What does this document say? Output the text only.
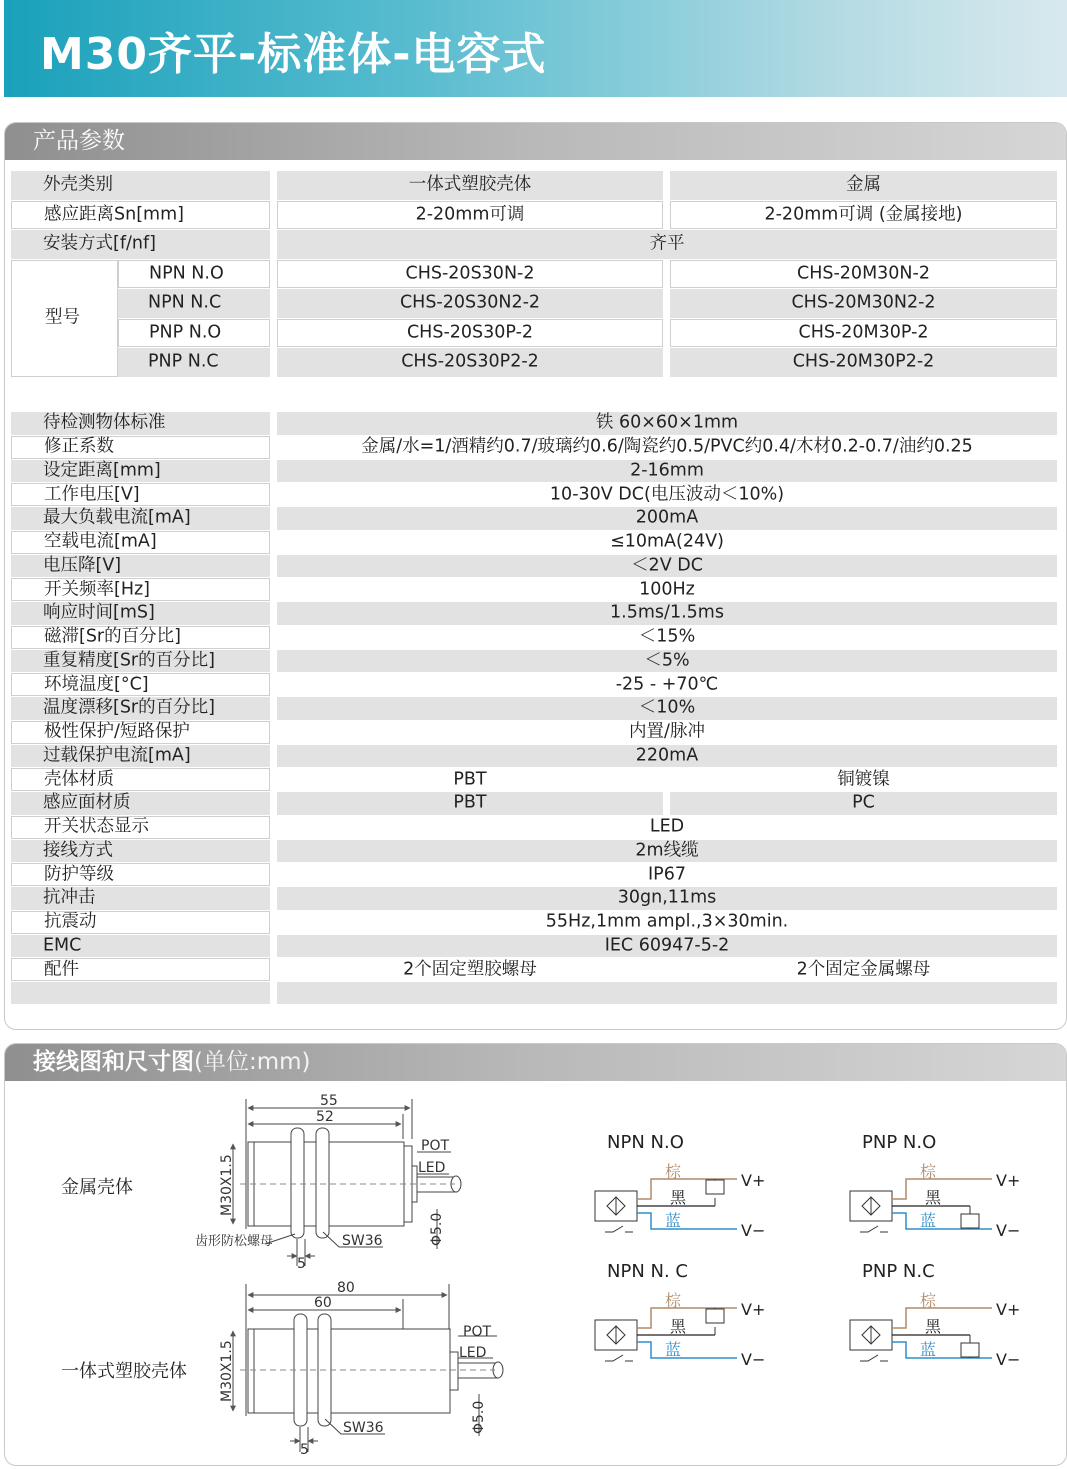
M30齐平-标准体-电容式
产品参数
外壳类别	一体式塑胶壳体	金属
感应距离Sn[mm]	2-20mm可调	2-20mm可调 (金属接地)
安装方式[f/nf]	齐平
型号
NPN N.O	CHS-20S30N-2	CHS-20M30N-2
NPN N.C	CHS-20S30N2-2	CHS-20M30N2-2
PNP N.O	CHS-20S30P-2	CHS-20M30P-2
PNP N.C	CHS-20S30P2-2	CHS-20M30P2-2
待检测物体标准	铁 60×60×1mm
修正系数	金属/水=1/酒精约0.7/玻璃约0.6/陶瓷约0.5/PVC约0.4/木材0.2-0.7/油约0.25
设定距离[mm]	2-16mm
工作电压[V]	10-30V DC(电压波动＜10%)
最大负载电流[mA]	200mA
空载电流[mA]	≤10mA(24V)
电压降[V]	＜2V DC
开关频率[Hz]	100Hz
响应时间[mS]	1.5ms/1.5ms
磁滞[Sr的百分比]	＜15%
重复精度[Sr的百分比]	＜5%
环境温度[°C]	-25 - +70℃
温度漂移[Sr的百分比]	＜10%
极性保护/短路保护	内置/脉冲
过载保护电流[mA]	220mA
壳体材质	PBT	铜镀镍
感应面材质	PBT	PC
开关状态显示	LED
接线方式	2m线缆
防护等级	IP67
抗冲击	30gn,11ms
抗震动	55Hz,1mm ampl.,3×30min.
EMC	IEC 60947-5-2
配件	2个固定塑胶螺母	2个固定金属螺母
接线图和尺寸图(单位:mm)
金属壳体
一体式塑胶壳体
55
52
POT
LED
齿形防松螺母	SW36
5
M30X1.5
Φ5.0
80
60
POT
LED
SW36
5
M30X1.5
Φ5.0
NPN N.O
棕
黑
蓝
V+
V−
PNP N.O
棕
黑
蓝
V+
V−
NPN N. C
棕
黑
蓝
V+
V−
PNP N.C
棕
黑
蓝
V+
V−
